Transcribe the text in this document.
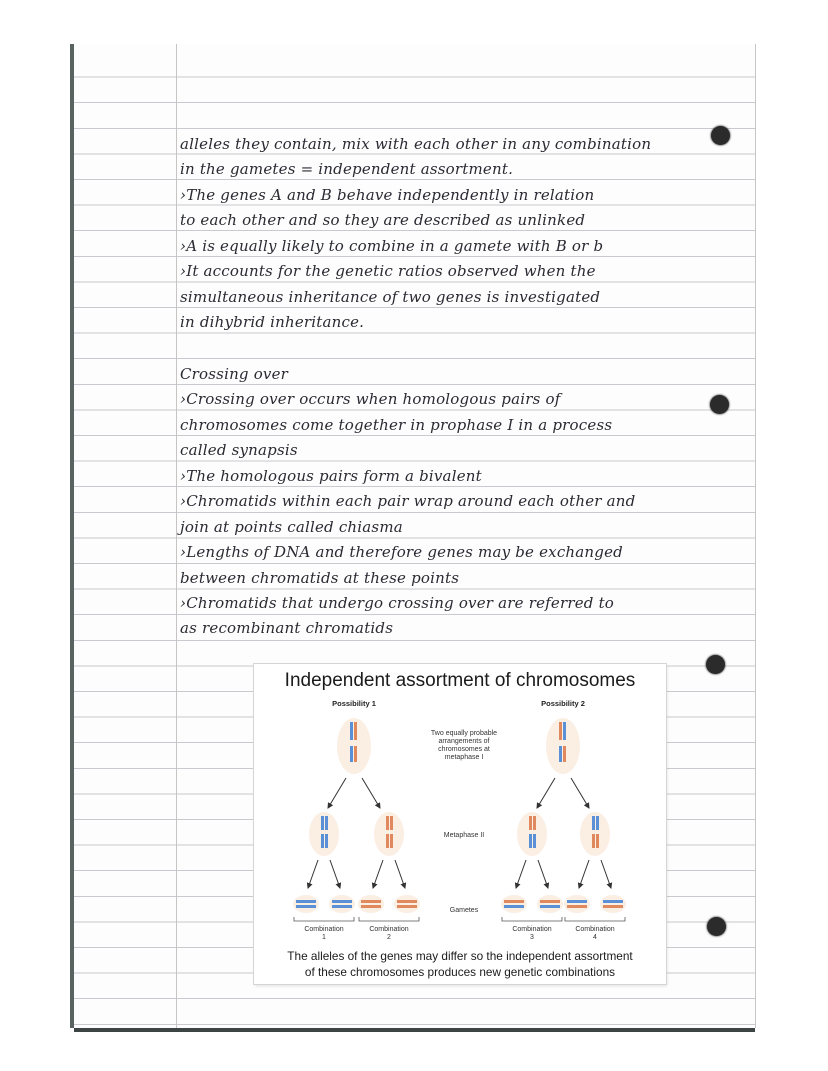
alleles they contain, mix with each other in any combination
in the gametes = independent assortment.
›The genes A and B behave independently in relation
to each other and so they are described as unlinked
›A is equally likely to combine in a gamete with B or b
›It accounts for the genetic ratios observed when the
simultaneous inheritance of two genes is investigated
in dihybrid inheritance.
Crossing over
›Crossing over occurs when homologous pairs of
chromosomes come together in prophase I in a process
called synapsis
›The homologous pairs form a bivalent
›Chromatids within each pair wrap around each other and
join at points called chiasma
›Lengths of DNA and therefore genes may be exchanged
between chromatids at these points
›Chromatids that undergo crossing over are referred to
as recombinant chromatids
Independent assortment of chromosomes
Possibility 1	Possibility 2
Two equally probable
arrangements of
chromosomes at
metaphase I
Metaphase II
Gametes
Combination
1
Combination
2
Combination
3
Combination
4
The alleles of the genes may differ so the independent assortment
of these chromosomes produces new genetic combinations
